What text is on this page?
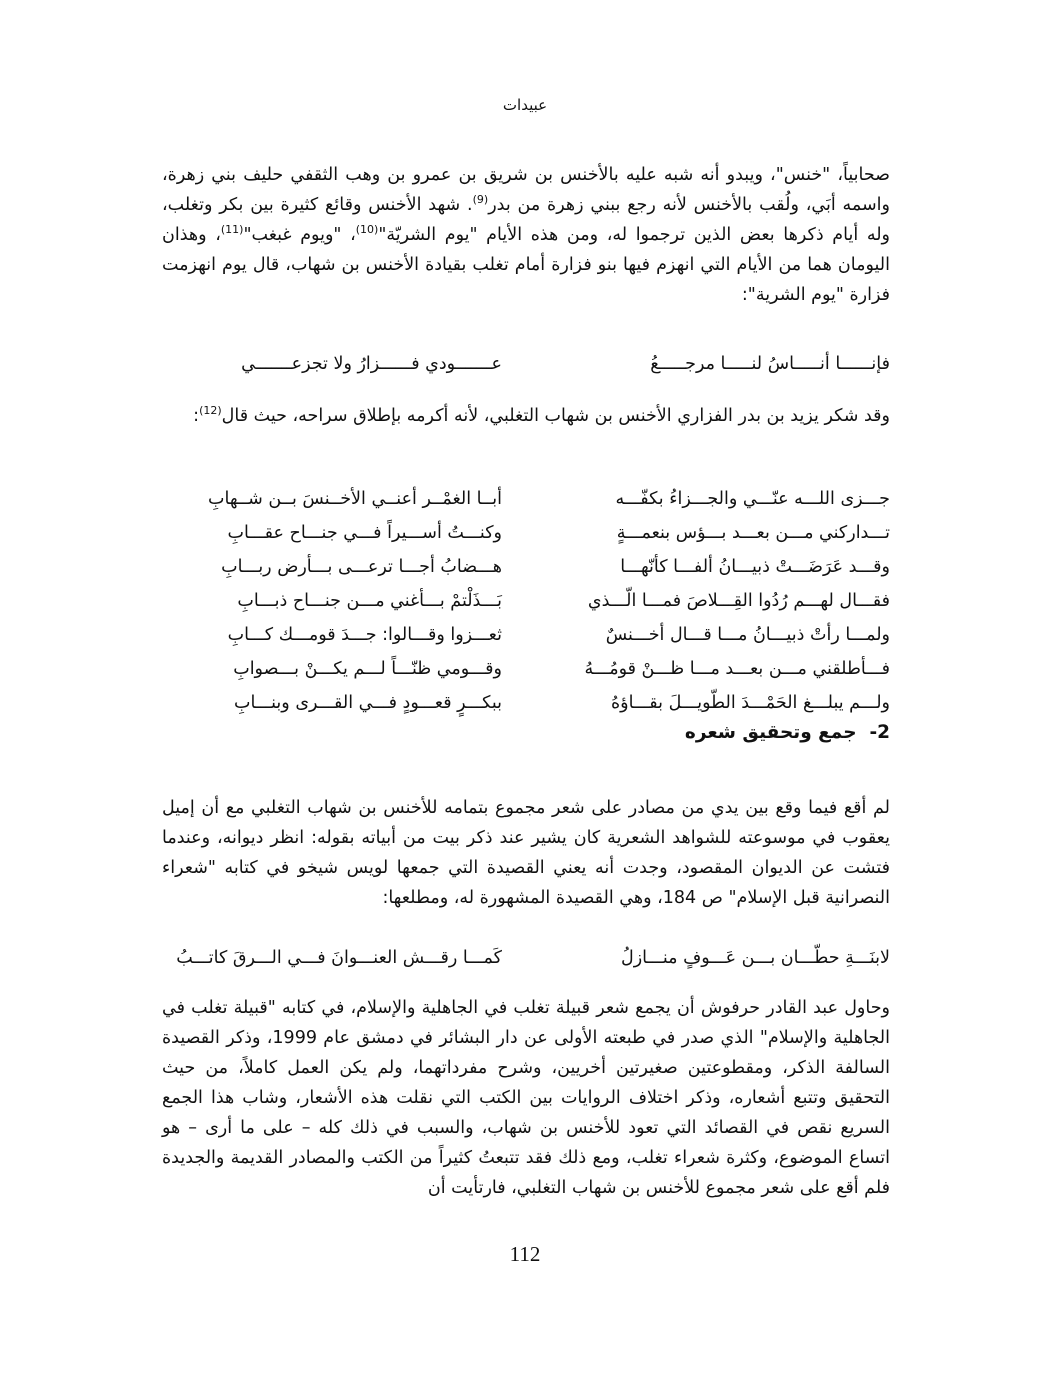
عبيدات
صحابياً، "خنس"، ويبدو أنه شبه عليه بالأخنس بن شريق بن عمرو بن وهب الثقفي حليف بني زهرة، واسمه أبَي، ولُقب بالأخنس لأنه رجع ببني زهرة من بدر$^{(9)}$. شهد الأخنس وقائع كثيرة بين بكر وتغلب، وله أيام ذكرها بعض الذين ترجموا له، ومن هذه الأيام "يوم الشريّة"$^{(10)}$، "ويوم غبغب"$^{(11)}$، وهذان اليومان هما من الأيام التي انهزم فيها بنو فزارة أمام تغلب بقيادة الأخنس بن شهاب، قال يوم انهزمت فزارة "يوم الشرية":
فإنــــــا أنـــــاسُ لنـــــا مرجـــــعُ
عـــــــودي فــــــزارُ ولا تجزعـــــــي
وقد شكر يزيد بن بدر الفزاري الأخنس بن شهاب التغلبي، لأنه أكرمه بإطلاق سراحه، حيث قال$^{(12)}$:
جـــزى اللـــه عنّـــي والجـــزاءُ بكفّـــه
أبــا الغمْــر أعنــي الأخــنسَ بــن شــهابِ
تـــداركني مـــن بعـــد بـــؤس بنعمـــةٍ
وكنـــتُ أســـيراً فـــي جنـــاح عقـــابِ
وقـــد عَرَضَـــتْ ذبيـــانُ ألفـــا كأنّهـــا
هـــضابُ أجـــا ترعـــى بـــأرض ربـــابِ
فقـــال لهـــم رُدُوا القِـــلاصَ فمـــا الّـــذي
بَـــذَلْتمْ بـــأغني مـــن جنـــاح ذبـــابِ
ولمـــا رأتْ ذبيـــانُ مـــا قـــال أخـــنسٌ
ثعـــزوا وقـــالوا: جـــدَ قومـــك كـــابِ
فـــأطلقني مـــن بعـــد مـــا ظـــنْ قومُـــهُ
وقـــومي ظنّـــاً لـــم يكـــنْ بـــصوابِ
ولـــم يبلـــغ الحَمْـــدَ الطّويـــلَ بقـــاؤهُ
ببكـــرٍ قعـــودٍ فـــي القـــرى وبنـــابِ
2-  جمع وتحقيق شعره
لم أقع فيما وقع بين يدي من مصادر على شعر مجموع بتمامه للأخنس بن شهاب التغلبي مع أن إميل يعقوب في موسوعته للشواهد الشعرية كان يشير عند ذكر بيت من أبياته بقوله: انظر ديوانه، وعندما فتشت عن الديوان المقصود، وجدت أنه يعني القصيدة التي جمعها لويس شيخو في كتابه "شعراء النصرانية قبل الإسلام" ص 184، وهي القصيدة المشهورة له، ومطلعها:
لابنَـــةِ حطّـــان بـــن عَـــوفٍ منـــازلُ
كَمـــا رقـــش العنـــوانَ فـــي الـــرقَ كاتـــبُ
وحاول عبد القادر حرفوش أن يجمع شعر قبيلة تغلب في الجاهلية والإسلام، في كتابه "قبيلة تغلب في الجاهلية والإسلام" الذي صدر في طبعته الأولى عن دار البشائر في دمشق عام 1999، وذكر القصيدة السالفة الذكر، ومقطوعتين صغيرتين أخريين، وشرح مفرداتهما، ولم يكن العمل كاملاً، من حيث التحقيق وتتبع أشعاره، وذكر اختلاف الروايات بين الكتب التي نقلت هذه الأشعار، وشاب هذا الجمع السريع نقص في القصائد التي تعود للأخنس بن شهاب، والسبب في ذلك كله – على ما أرى – هو اتساع الموضوع، وكثرة شعراء تغلب، ومع ذلك فقد تتبعتُ كثيراً من الكتب والمصادر القديمة والجديدة فلم أقع على شعر مجموع للأخنس بن شهاب التغلبي، فارتأيت أن
112
